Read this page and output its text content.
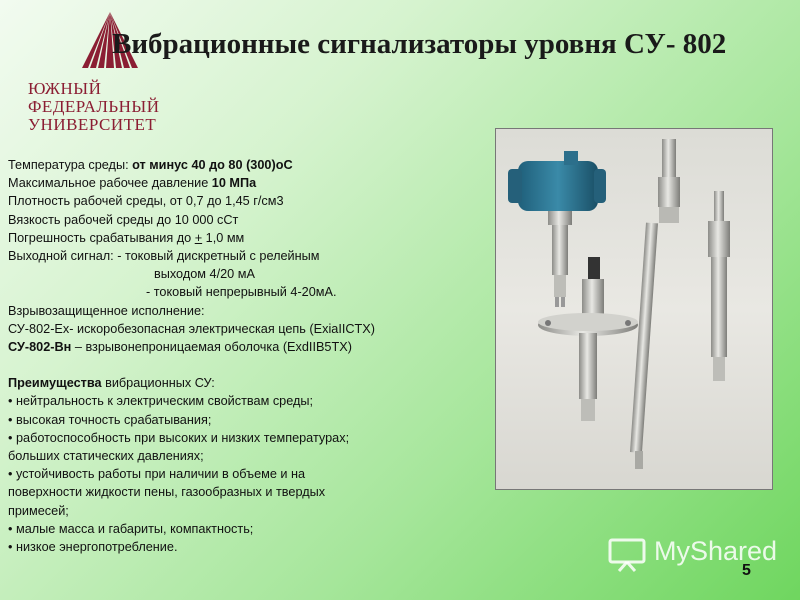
ЮЖНЫЙ
ФЕДЕРАЛЬНЫЙ
УНИВЕРСИТЕТ
Вибрационные сигнализаторы уровня СУ- 802
Температура среды: от минус 40 до 80 (300)оС
Максимальное рабочее давление 10 МПа
Плотность рабочей среды, от 0,7 до 1,45 г/см3
Вязкость рабочей среды до 10 000 сСт
Погрешность срабатывания до + 1,0 мм
Выходной сигнал: - токовый дискретный с релейным
выходом 4/20 мА
- токовый непрерывный 4-20мА.
Взрывозащищенное исполнение:
СУ-802-Ех- искоробезопасная электрическая цепь (ExiaIICTX)
СУ-802-Вн – взрывонепроницаемая оболочка (ExdIIB5TX)
Преимущества вибрационных СУ:
• нейтральность к электрическим свойствам среды;
• высокая точность срабатывания;
• работоспособность при высоких и низких температурах;
больших статических давлениях;
• устойчивость работы при наличии в объеме и на
поверхности жидкости пены, газообразных и твердых
примесей;
• малые масса и габариты, компактность;
• низкое энергопотребление.	MyShared
5
